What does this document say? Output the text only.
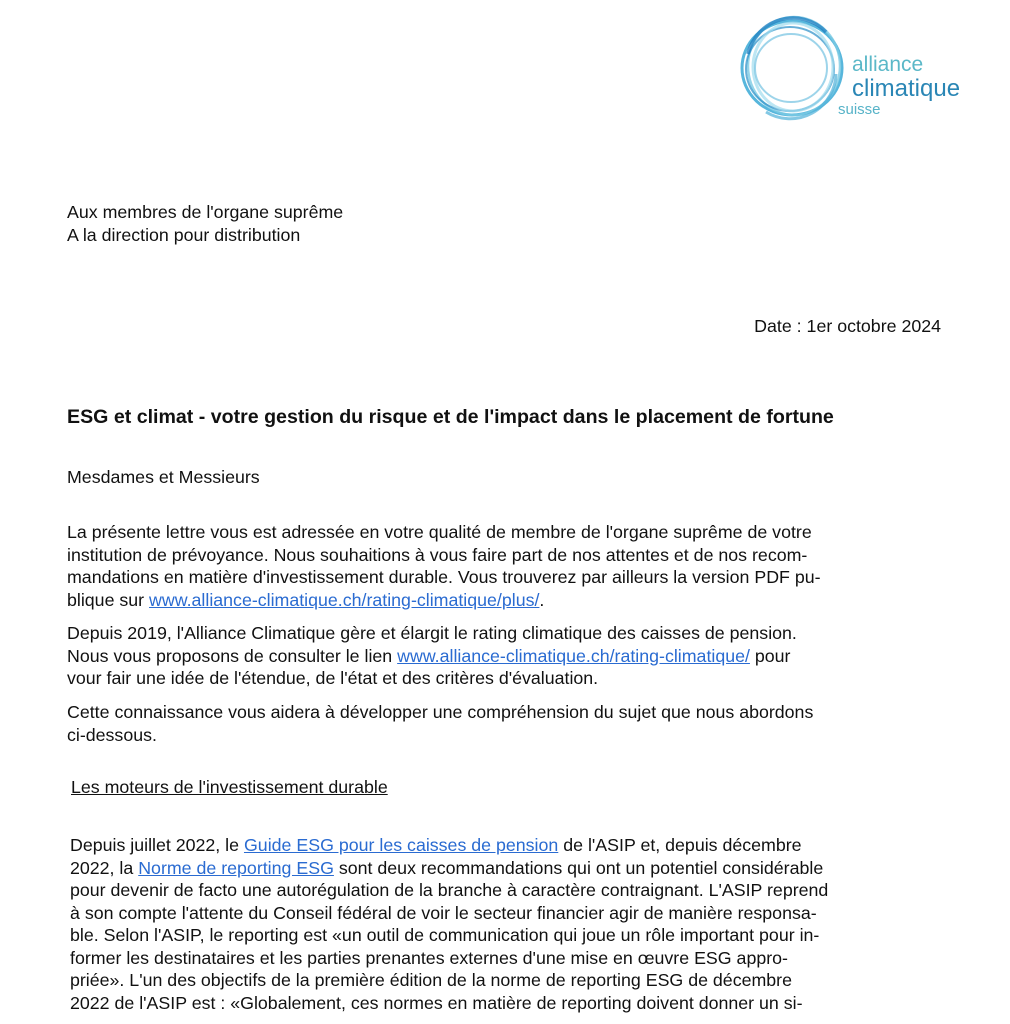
alliance
climatique
suisse
Aux membres de l'organe suprême
A la direction pour distribution
Date : 1er octobre 2024
ESG et climat - votre gestion du risque et de l'impact dans le placement de fortune
Mesdames et Messieurs
La présente lettre vous est adressée en votre qualité de membre de l'organe suprême de votre
institution de prévoyance. Nous souhaitions à vous faire part de nos attentes et de nos recom-
mandations en matière d'investissement durable. Vous trouverez par ailleurs la version PDF pu-
blique sur www.alliance-climatique.ch/rating-climatique/plus/.
Depuis 2019, l'Alliance Climatique gère et élargit le rating climatique des caisses de pension.
Nous vous proposons de consulter le lien www.alliance-climatique.ch/rating-climatique/ pour
vour fair une idée de l'étendue, de l'état et des critères d'évaluation.
Cette connaissance vous aidera à développer une compréhension du sujet que nous abordons
ci-dessous.
Les moteurs de l'investissement durable
Depuis juillet 2022, le Guide ESG pour les caisses de pension de l'ASIP et, depuis décembre
2022, la Norme de reporting ESG sont deux recommandations qui ont un potentiel considérable
pour devenir de facto une autorégulation de la branche à caractère contraignant. L'ASIP reprend
à son compte l'attente du Conseil fédéral de voir le secteur financier agir de manière responsa-
ble. Selon l'ASIP, le reporting est «un outil de communication qui joue un rôle important pour in-
former les destinataires et les parties prenantes externes d'une mise en œuvre ESG appro-
priée». L'un des objectifs de la première édition de la norme de reporting ESG de décembre
2022 de l'ASIP est : «Globalement, ces normes en matière de reporting doivent donner un si-
